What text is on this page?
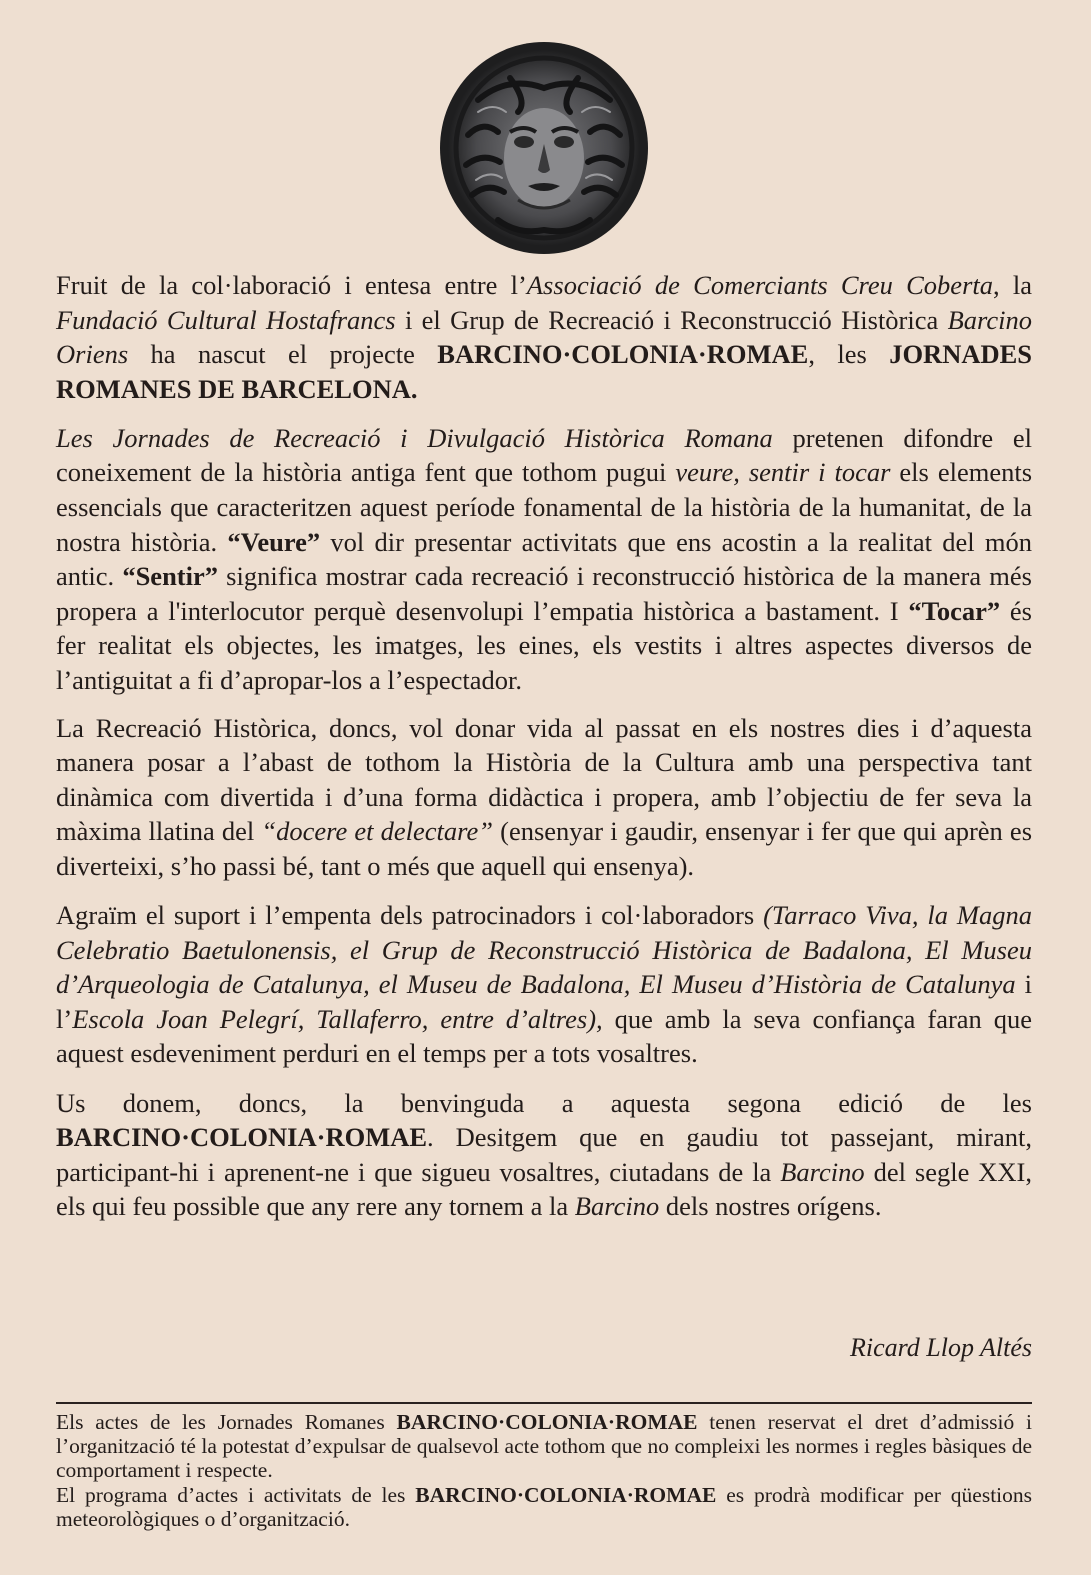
Fruit de la col·laboració i entesa entre l’Associació de Comerciants Creu Coberta, la Fundació Cultural Hostafrancs i el Grup de Recreació i Reconstrucció Històrica Barcino Oriens ha nascut el projecte BARCINO·COLONIA·ROMAE, les JORNADES ROMANES DE BARCELONA.

Les Jornades de Recreació i Divulgació Històrica Romana pretenen difondre el coneixement de la història antiga fent que tothom pugui veure, sentir i tocar els elements essencials que caracteritzen aquest període fonamental de la història de la humanitat, de la nostra història. “Veure” vol dir presentar activitats que ens acostin a la realitat del món antic. “Sentir” significa mostrar cada recreació i reconstrucció històrica de la manera més propera a l'interlocutor perquè desenvolupi l’empatia històrica a bastament. I “Tocar” és fer realitat els objectes, les imatges, les eines, els vestits i altres aspectes diversos de l’antiguitat a fi d’apropar-los a l’espectador.

La Recreació Històrica, doncs, vol donar vida al passat en els nostres dies i d’aquesta manera posar a l’abast de tothom la Història de la Cultura amb una perspectiva tant dinàmica com divertida i d’una forma didàctica i propera, amb l’objectiu de fer seva la màxima llatina del “docere et delectare” (ensenyar i gaudir, ensenyar i fer que qui aprèn es diverteixi, s’ho passi bé, tant o més que aquell qui ensenya).

Agraïm el suport i l’empenta dels patrocinadors i col·laboradors (Tarraco Viva, la Magna Celebratio Baetulonensis, el Grup de Reconstrucció Històrica de Badalona, El Museu d’Arqueologia de Catalunya, el Museu de Badalona, El Museu d’Història de Catalunya i l’Escola Joan Pelegrí, Tallaferro, entre d’altres), que amb la seva confiança faran que aquest esdeveniment perduri en el temps per a tots vosaltres.

Us donem, doncs, la benvinguda a aquesta segona edició de les BARCINO·COLONIA·ROMAE. Desitgem que en gaudiu tot passejant, mirant, participant-hi i aprenent-ne i que sigueu vosaltres, ciutadans de la Barcino del segle XXI, els qui feu possible que any rere any tornem a la Barcino dels nostres orígens.

Ricard Llop Altés

Els actes de les Jornades Romanes BARCINO·COLONIA·ROMAE tenen reservat el dret d’admissió i l’organització té la potestat d’expulsar de qualsevol acte tothom que no compleixi les normes i regles bàsiques de comportament i respecte.

El programa d’actes i activitats de les BARCINO·COLONIA·ROMAE es prodrà modificar per qüestions meteorològiques o d’organització.
